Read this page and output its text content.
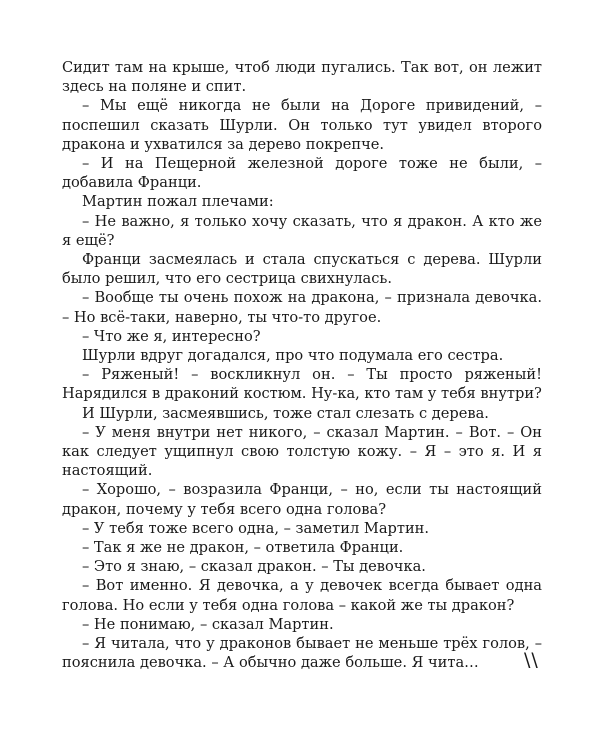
Сидит там на крыше, чтоб люди пугались. Так вот, он лежит здесь на поляне и спит.

– Мы ещё никогда не были на Дороге привидений, – поспешил сказать Шурли. Он только тут увидел второго дракона и ухватился за дерево покрепче.

– И на Пещерной железной дороге тоже не были, – добавила Франци.

Мартин пожал плечами:

– Не важно, я только хочу сказать, что я дракон. А кто же я ещё?

Франци засмеялась и стала спускаться с дерева. Шурли было решил, что его сестрица свихнулась.

– Вообще ты очень похож на дракона, – признала девочка. – Но всё-таки, наверно, ты что-то другое.

– Что же я, интересно?

Шурли вдруг догадался, про что подумала его сестра.

– Ряженый! – воскликнул он. – Ты просто ряженый! Нарядился в драконий костюм. Ну-ка, кто там у тебя внутри?

И Шурли, засмеявшись, тоже стал слезать с дерева.

– У меня внутри нет никого, – сказал Мартин. – Вот. – Он как следует ущипнул свою толстую кожу. – Я – это я. И я настоящий.

– Хорошо, – возразила Франци, – но, если ты настоящий дракон, почему у тебя всего одна голова?

– У тебя тоже всего одна, – заметил Мартин.

– Так я же не дракон, – ответила Франци.

– Это я знаю, – сказал дракон. – Ты девочка.

– Вот именно. Я девочка, а у девочек всегда бывает одна голова. Но если у тебя одна голова – какой же ты дракон?

– Не понимаю, – сказал Мартин.

– Я читала, что у драконов бывает не меньше трёх голов, – пояснила девочка. – А обычно даже больше. Я чита…	\\
